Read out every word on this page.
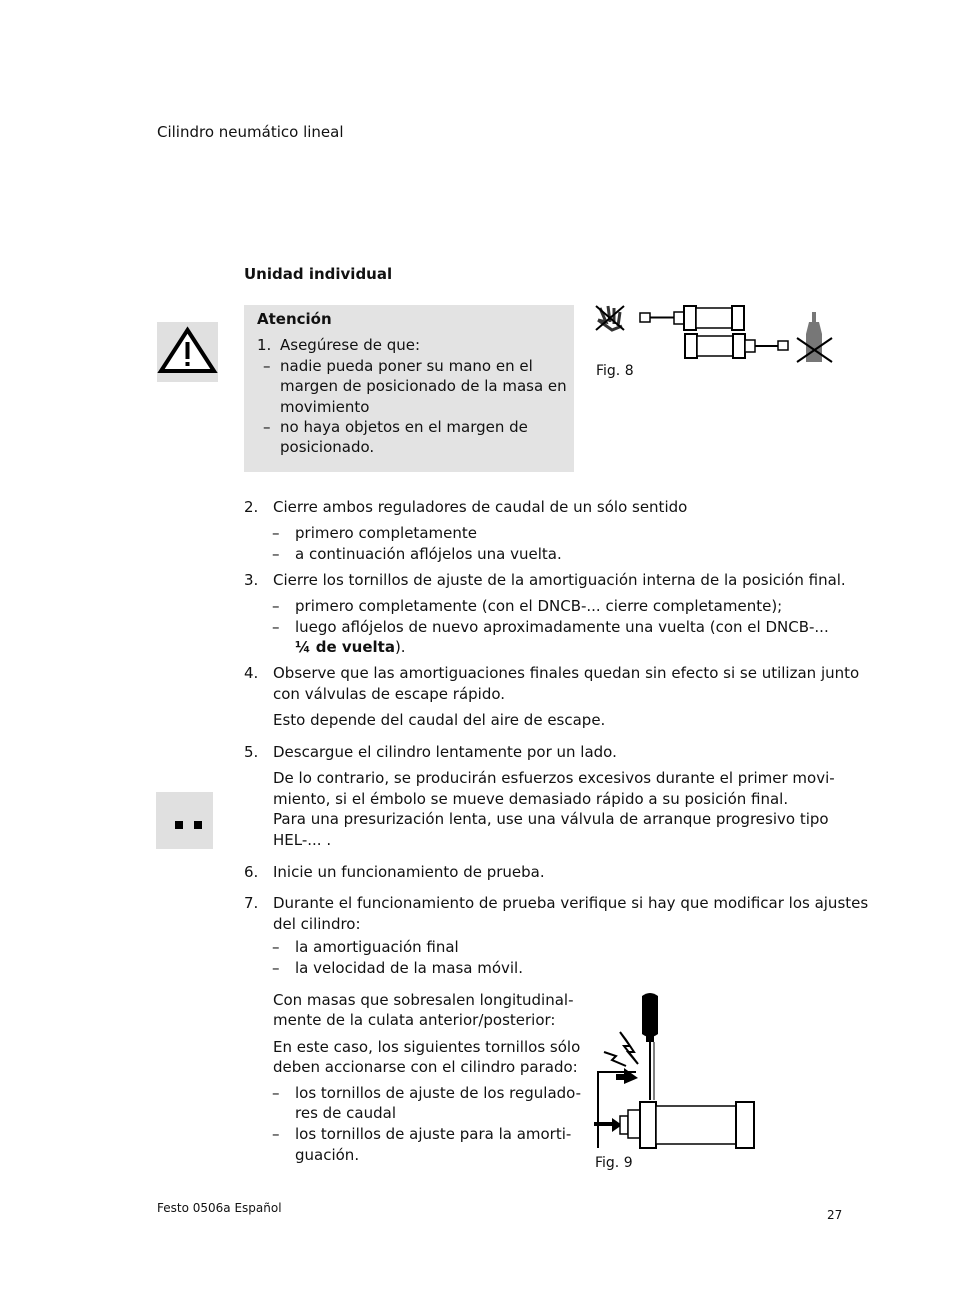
Cilindro neumático lineal
Unidad individual
Atención
1. Asegúrese de que:
– nadie pueda poner su mano en el
margen de posicionado de la masa en
movimiento
– no haya objetos en el margen de
posicionado.
Fig. 8
2. Cierre ambos reguladores de caudal de un sólo sentido
– primero completamente
– a continuación aflójelos una vuelta.
3. Cierre los tornillos de ajuste de la amortiguación interna de la posición final.
– primero completamente (con el DNCB-... cierre completamente);
– luego aflójelos de nuevo aproximadamente una vuelta (con el DNCB-...
¼ de vuelta).
4. Observe que las amortiguaciones finales quedan sin efecto si se utilizan junto
con válvulas de escape rápido.
Esto depende del caudal del aire de escape.
5. Descargue el cilindro lentamente por un lado.
De lo contrario, se producirán esfuerzos excesivos durante el primer movi-
miento, si el émbolo se mueve demasiado rápido a su posición final.
Para una presurización lenta, use una válvula de arranque progresivo tipo
HEL-... .
6. Inicie un funcionamiento de prueba.
7. Durante el funcionamiento de prueba verifique si hay que modificar los ajustes
del cilindro:
– la amortiguación final
– la velocidad de la masa móvil.
Con masas que sobresalen longitudinal-
mente de la culata anterior/posterior:
En este caso, los siguientes tornillos sólo
deben accionarse con el cilindro parado:
– los tornillos de ajuste de los regulado-
res de caudal
– los tornillos de ajuste para la amorti-
guación.	Fig. 9
Festo 0506a Español	27
